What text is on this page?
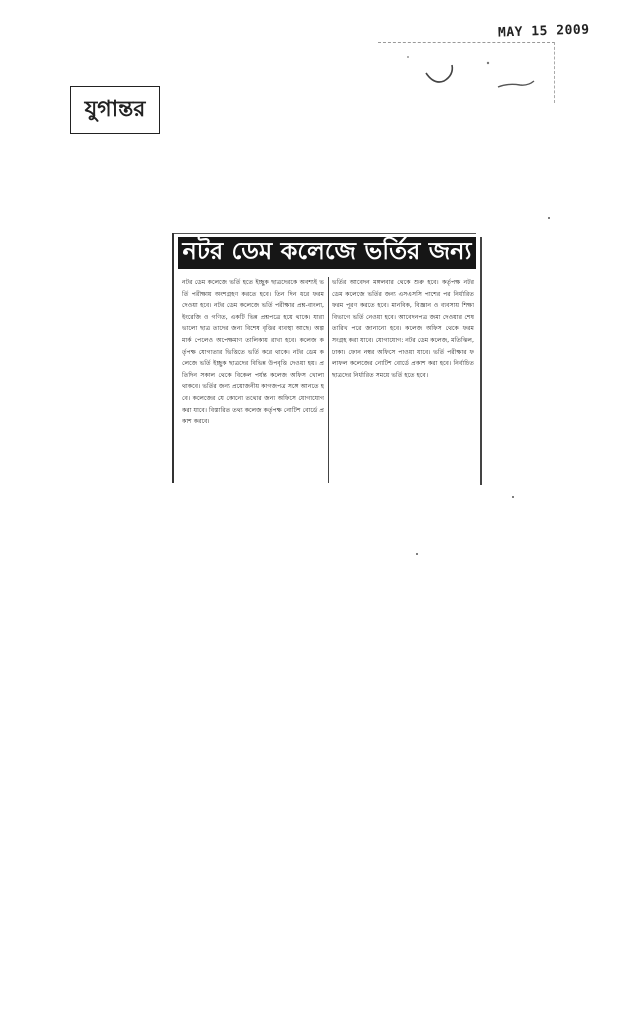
MAY 15 2009
যুগান্তর
নটর ডেম কলেজে ভর্তির জন্য
নটর ডেম কলেজে ভর্তি হতে ইচ্ছুক ছাত্রদেরকে অবশ্যই ভর্তি পরীক্ষায় অংশগ্রহণ করতে হবে। তিন দিন ধরে ফরম দেওয়া হবে। নটর ডেম কলেজে ভর্তি পরীক্ষার প্রশ্ন-বাংলা, ইংরেজি ও গণিত, একটি ভিন্ন প্রশ্নপত্রে হয়ে থাকে। যারা ভালো ছাত্র তাদের জন্য বিশেষ বৃত্তির ব্যবস্থা আছে। অল্প মার্ক পেলেও অপেক্ষমাণ তালিকায় রাখা হবে। কলেজ কর্তৃপক্ষ যোগ্যতার ভিত্তিতে ভর্তি করে থাকে। নটর ডেম কলেজে ভর্তি ইচ্ছুক ছাত্রদের বিভিন্ন উপবৃত্তি দেওয়া হয়। প্রতিদিন সকাল থেকে বিকেল পর্যন্ত কলেজ অফিস খোলা থাকবে। ভর্তির জন্য প্রয়োজনীয় কাগজপত্র সঙ্গে আনতে হবে। কলেজের যে কোনো তথ্যের জন্য অফিসে যোগাযোগ করা যাবে। বিস্তারিত তথ্য কলেজ কর্তৃপক্ষ নোটিশ বোর্ডে প্রকাশ করবে।
ভর্তির আবেদন মঙ্গলবার থেকে শুরু হবে। কর্তৃপক্ষ নটর ডেম কলেজে ভর্তির জন্য এসএসসি পাশের পর নির্ধারিত ফরম পূরণ করতে হবে। মানবিক, বিজ্ঞান ও ব্যবসায় শিক্ষা বিভাগে ভর্তি নেওয়া হবে। আবেদনপত্র জমা দেওয়ার শেষ তারিখ পরে জানানো হবে। কলেজ অফিস থেকে ফরম সংগ্রহ করা যাবে। যোগাযোগ: নটর ডেম কলেজ, মতিঝিল, ঢাকা। ফোন নম্বর অফিসে পাওয়া যাবে। ভর্তি পরীক্ষার ফলাফল কলেজের নোটিশ বোর্ডে প্রকাশ করা হবে। নির্বাচিত ছাত্রদের নির্ধারিত সময়ে ভর্তি হতে হবে।
